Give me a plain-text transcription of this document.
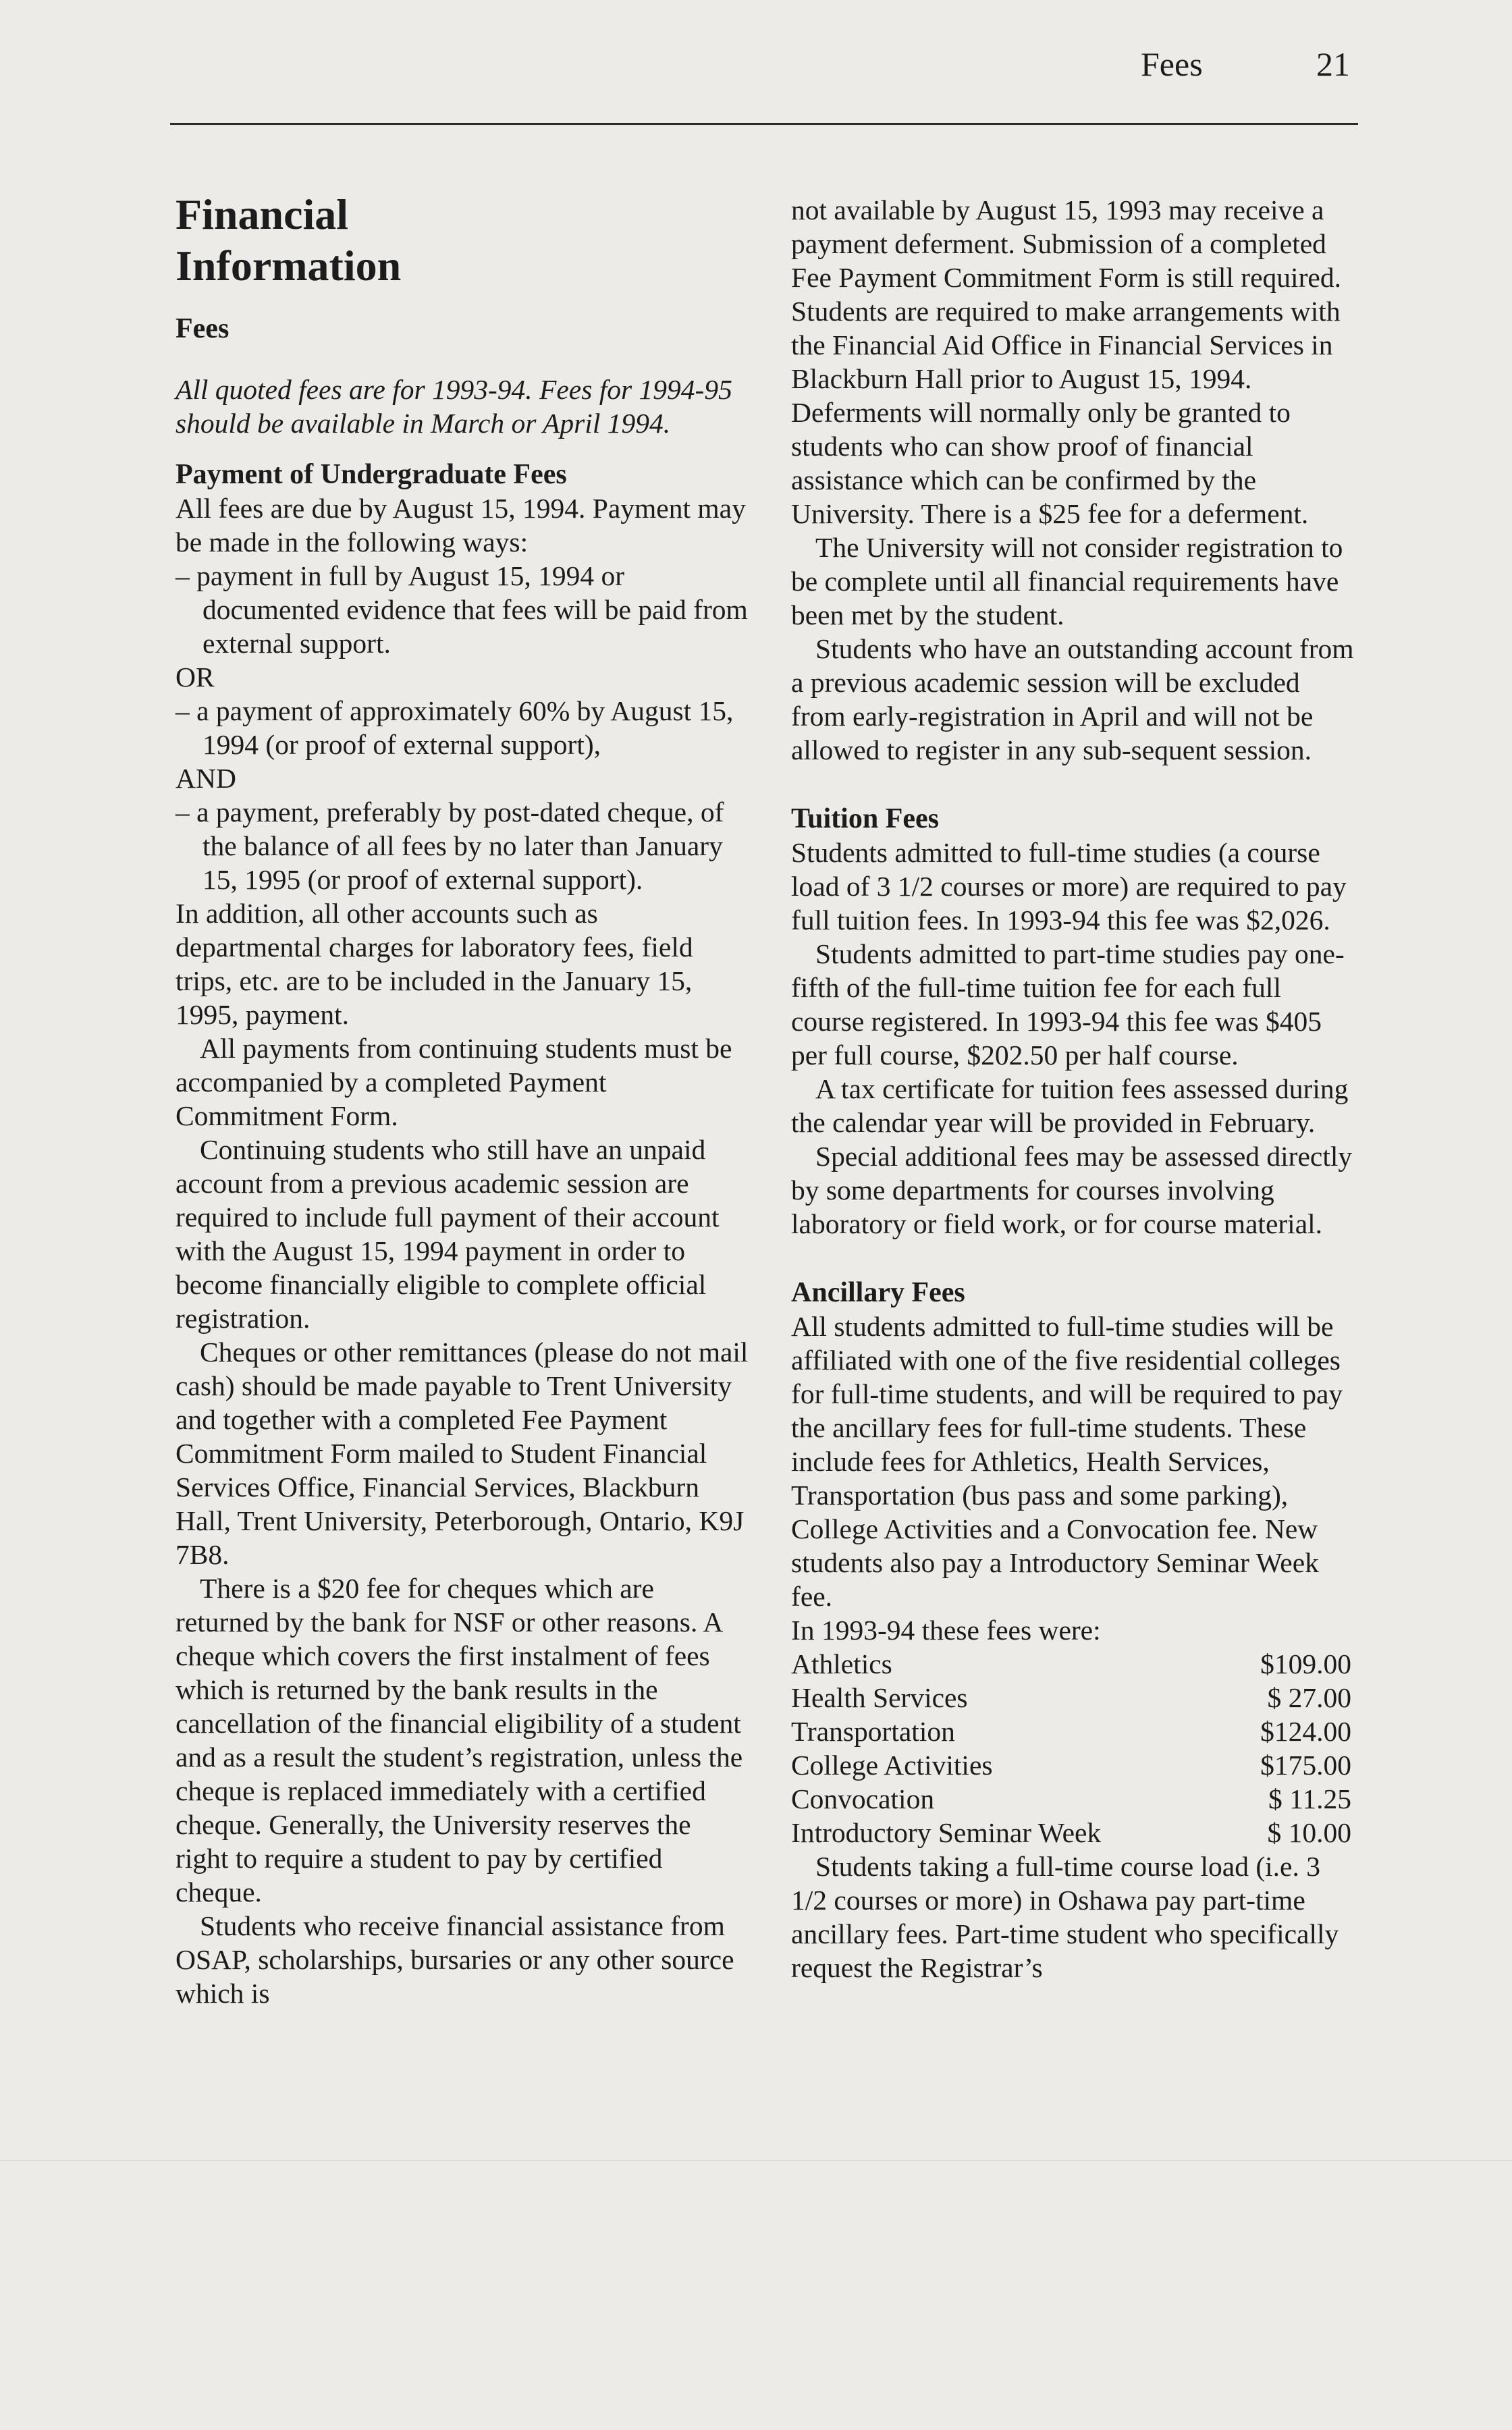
Fees	21
Financial
Information

Fees

All quoted fees are for 1993-94. Fees for 1994-95 should be available in March or April 1994.

Payment of Undergraduate Fees

All fees are due by August 15, 1994. Payment may be made in the following ways:

– payment in full by August 15, 1994 or documented evidence that fees will be paid from external support.

OR

– a payment of approximately 60% by August 15, 1994 (or proof of external support),

AND

– a payment, preferably by post-dated cheque, of the balance of all fees by no later than January 15, 1995 (or proof of external support).

In addition, all other accounts such as departmental charges for laboratory fees, field trips, etc. are to be included in the January 15, 1995, payment.

All payments from continuing students must be accompanied by a completed Payment Commitment Form.

Continuing students who still have an unpaid account from a previous academic session are required to include full payment of their account with the August 15, 1994 payment in order to become financially eligible to complete official registration.

Cheques or other remittances (please do not mail cash) should be made payable to Trent University and together with a completed Fee Payment Commitment Form mailed to Student Financial Services Office, Financial Services, Blackburn Hall, Trent University, Peterborough, Ontario, K9J 7B8.

There is a $20 fee for cheques which are returned by the bank for NSF or other reasons. A cheque which covers the first instalment of fees which is returned by the bank results in the cancellation of the financial eligibility of a student and as a result the student’s registration, unless the cheque is replaced immediately with a certified cheque. Generally, the University reserves the right to require a student to pay by certified cheque.

Students who receive financial assistance from OSAP, scholarships, bursaries or any other source which is

not available by August 15, 1993 may receive a payment deferment. Submission of a completed Fee Payment Commitment Form is still required. Students are required to make arrangements with the Financial Aid Office in Financial Services in Blackburn Hall prior to August 15, 1994. Deferments will normally only be granted to students who can show proof of financial assistance which can be confirmed by the University. There is a $25 fee for a deferment.

The University will not consider registration to be complete until all financial requirements have been met by the student.

Students who have an outstanding account from a previous academic session will be excluded from early-registration in April and will not be allowed to register in any sub-sequent session.

Tuition Fees

Students admitted to full-time studies (a course load of 3 1/2 courses or more) are required to pay full tuition fees. In 1993-94 this fee was $2,026.

Students admitted to part-time studies pay one-fifth of the full-time tuition fee for each full course registered. In 1993-94 this fee was $405 per full course, $202.50 per half course.

A tax certificate for tuition fees assessed during the calendar year will be provided in February.

Special additional fees may be assessed directly by some departments for courses involving laboratory or field work, or for course material.

Ancillary Fees

All students admitted to full-time studies will be affiliated with one of the five residential colleges for full-time students, and will be required to pay the ancillary fees for full-time students. These include fees for Athletics, Health Services, Transportation (bus pass and some parking), College Activities and a Convocation fee. New students also pay a Introductory Seminar Week fee.

In 1993-94 these fees were:

Athletics	$109.00
Health Services	$ 27.00
Transportation	$124.00
College Activities	$175.00
Convocation	$ 11.25
Introductory Seminar Week	$ 10.00

Students taking a full-time course load (i.e. 3 1/2 courses or more) in Oshawa pay part-time ancillary fees. Part-time student who specifically request the Registrar’s
